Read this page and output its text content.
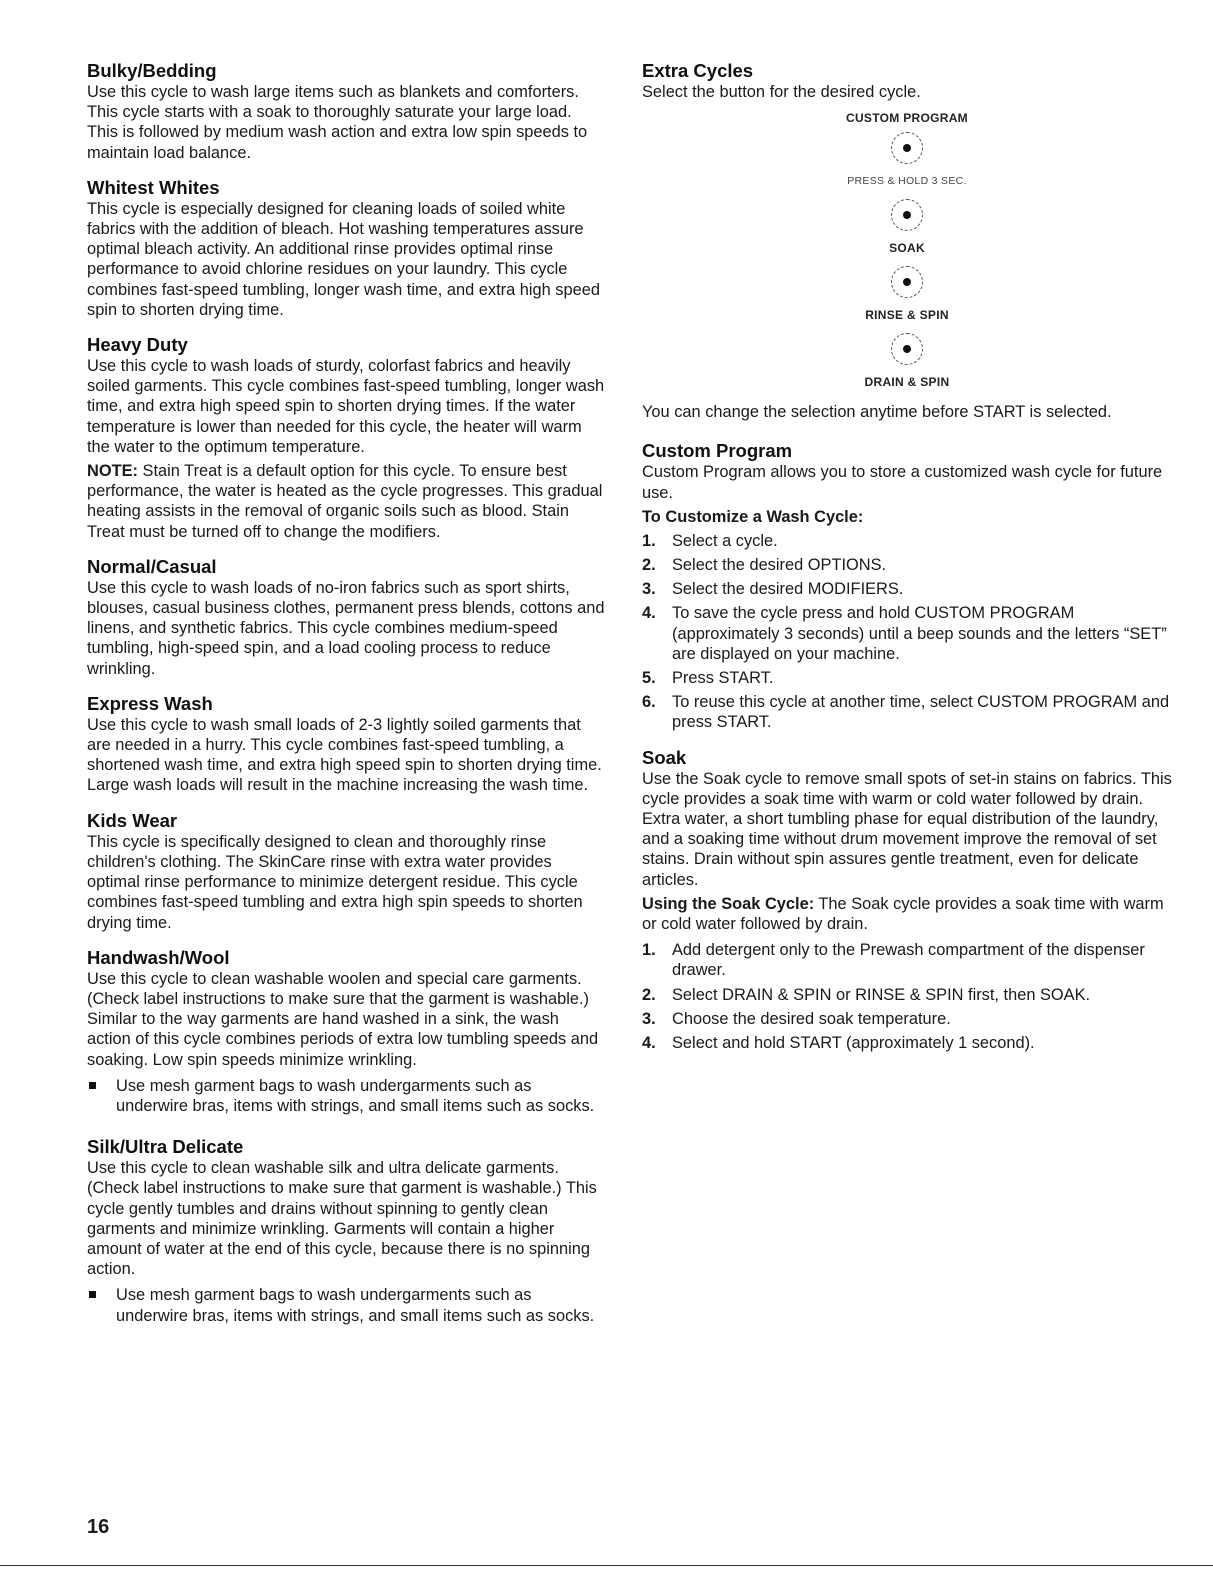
Bulky/Bedding

Use this cycle to wash large items such as blankets and comforters. This cycle starts with a soak to thoroughly saturate your large load. This is followed by medium wash action and extra low spin speeds to maintain load balance.

Whitest Whites

This cycle is especially designed for cleaning loads of soiled white fabrics with the addition of bleach. Hot washing temperatures assure optimal bleach activity. An additional rinse provides optimal rinse performance to avoid chlorine residues on your laundry. This cycle combines fast-speed tumbling, longer wash time, and extra high speed spin to shorten drying time.

Heavy Duty

Use this cycle to wash loads of sturdy, colorfast fabrics and heavily soiled garments. This cycle combines fast-speed tumbling, longer wash time, and extra high speed spin to shorten drying times. If the water temperature is lower than needed for this cycle, the heater will warm the water to the optimum temperature.

NOTE: Stain Treat is a default option for this cycle. To ensure best performance, the water is heated as the cycle progresses. This gradual heating assists in the removal of organic soils such as blood. Stain Treat must be turned off to change the modifiers.

Normal/Casual

Use this cycle to wash loads of no-iron fabrics such as sport shirts, blouses, casual business clothes, permanent press blends, cottons and linens, and synthetic fabrics. This cycle combines medium-speed tumbling, high-speed spin, and a load cooling process to reduce wrinkling.

Express Wash

Use this cycle to wash small loads of 2-3 lightly soiled garments that are needed in a hurry. This cycle combines fast-speed tumbling, a shortened wash time, and extra high speed spin to shorten drying time. Large wash loads will result in the machine increasing the wash time.

Kids Wear

This cycle is specifically designed to clean and thoroughly rinse children's clothing. The SkinCare rinse with extra water provides optimal rinse performance to minimize detergent residue. This cycle combines fast-speed tumbling and extra high spin speeds to shorten drying time.

Handwash/Wool

Use this cycle to clean washable woolen and special care garments. (Check label instructions to make sure that the garment is washable.) Similar to the way garments are hand washed in a sink, the wash action of this cycle combines periods of extra low tumbling speeds and soaking. Low spin speeds minimize wrinkling.

Use mesh garment bags to wash undergarments such as underwire bras, items with strings, and small items such as socks.
Silk/Ultra Delicate

Use this cycle to clean washable silk and ultra delicate garments. (Check label instructions to make sure that garment is washable.) This cycle gently tumbles and drains without spinning to gently clean garments and minimize wrinkling. Garments will contain a higher amount of water at the end of this cycle, because there is no spinning action.

Use mesh garment bags to wash undergarments such as underwire bras, items with strings, and small items such as socks.
Extra Cycles

Select the button for the desired cycle.

CUSTOM PROGRAM
PRESS & HOLD 3 SEC.
SOAK
RINSE & SPIN
DRAIN & SPIN

You can change the selection anytime before START is selected.

Custom Program

Custom Program allows you to store a customized wash cycle for future use.

To Customize a Wash Cycle:
1. Select a cycle.
2. Select the desired OPTIONS.
3. Select the desired MODIFIERS.
4. To save the cycle press and hold CUSTOM PROGRAM (approximately 3 seconds) until a beep sounds and the letters “SET” are displayed on your machine.
5. Press START.
6. To reuse this cycle at another time, select CUSTOM PROGRAM and press START.
Soak

Use the Soak cycle to remove small spots of set-in stains on fabrics. This cycle provides a soak time with warm or cold water followed by drain. Extra water, a short tumbling phase for equal distribution of the laundry, and a soaking time without drum movement improve the removal of set stains. Drain without spin assures gentle treatment, even for delicate articles.

Using the Soak Cycle: The Soak cycle provides a soak time with warm or cold water followed by drain.

1. Add detergent only to the Prewash compartment of the dispenser drawer.
2. Select DRAIN & SPIN or RINSE & SPIN first, then SOAK.
3. Choose the desired soak temperature.
4. Select and hold START (approximately 1 second).
16
